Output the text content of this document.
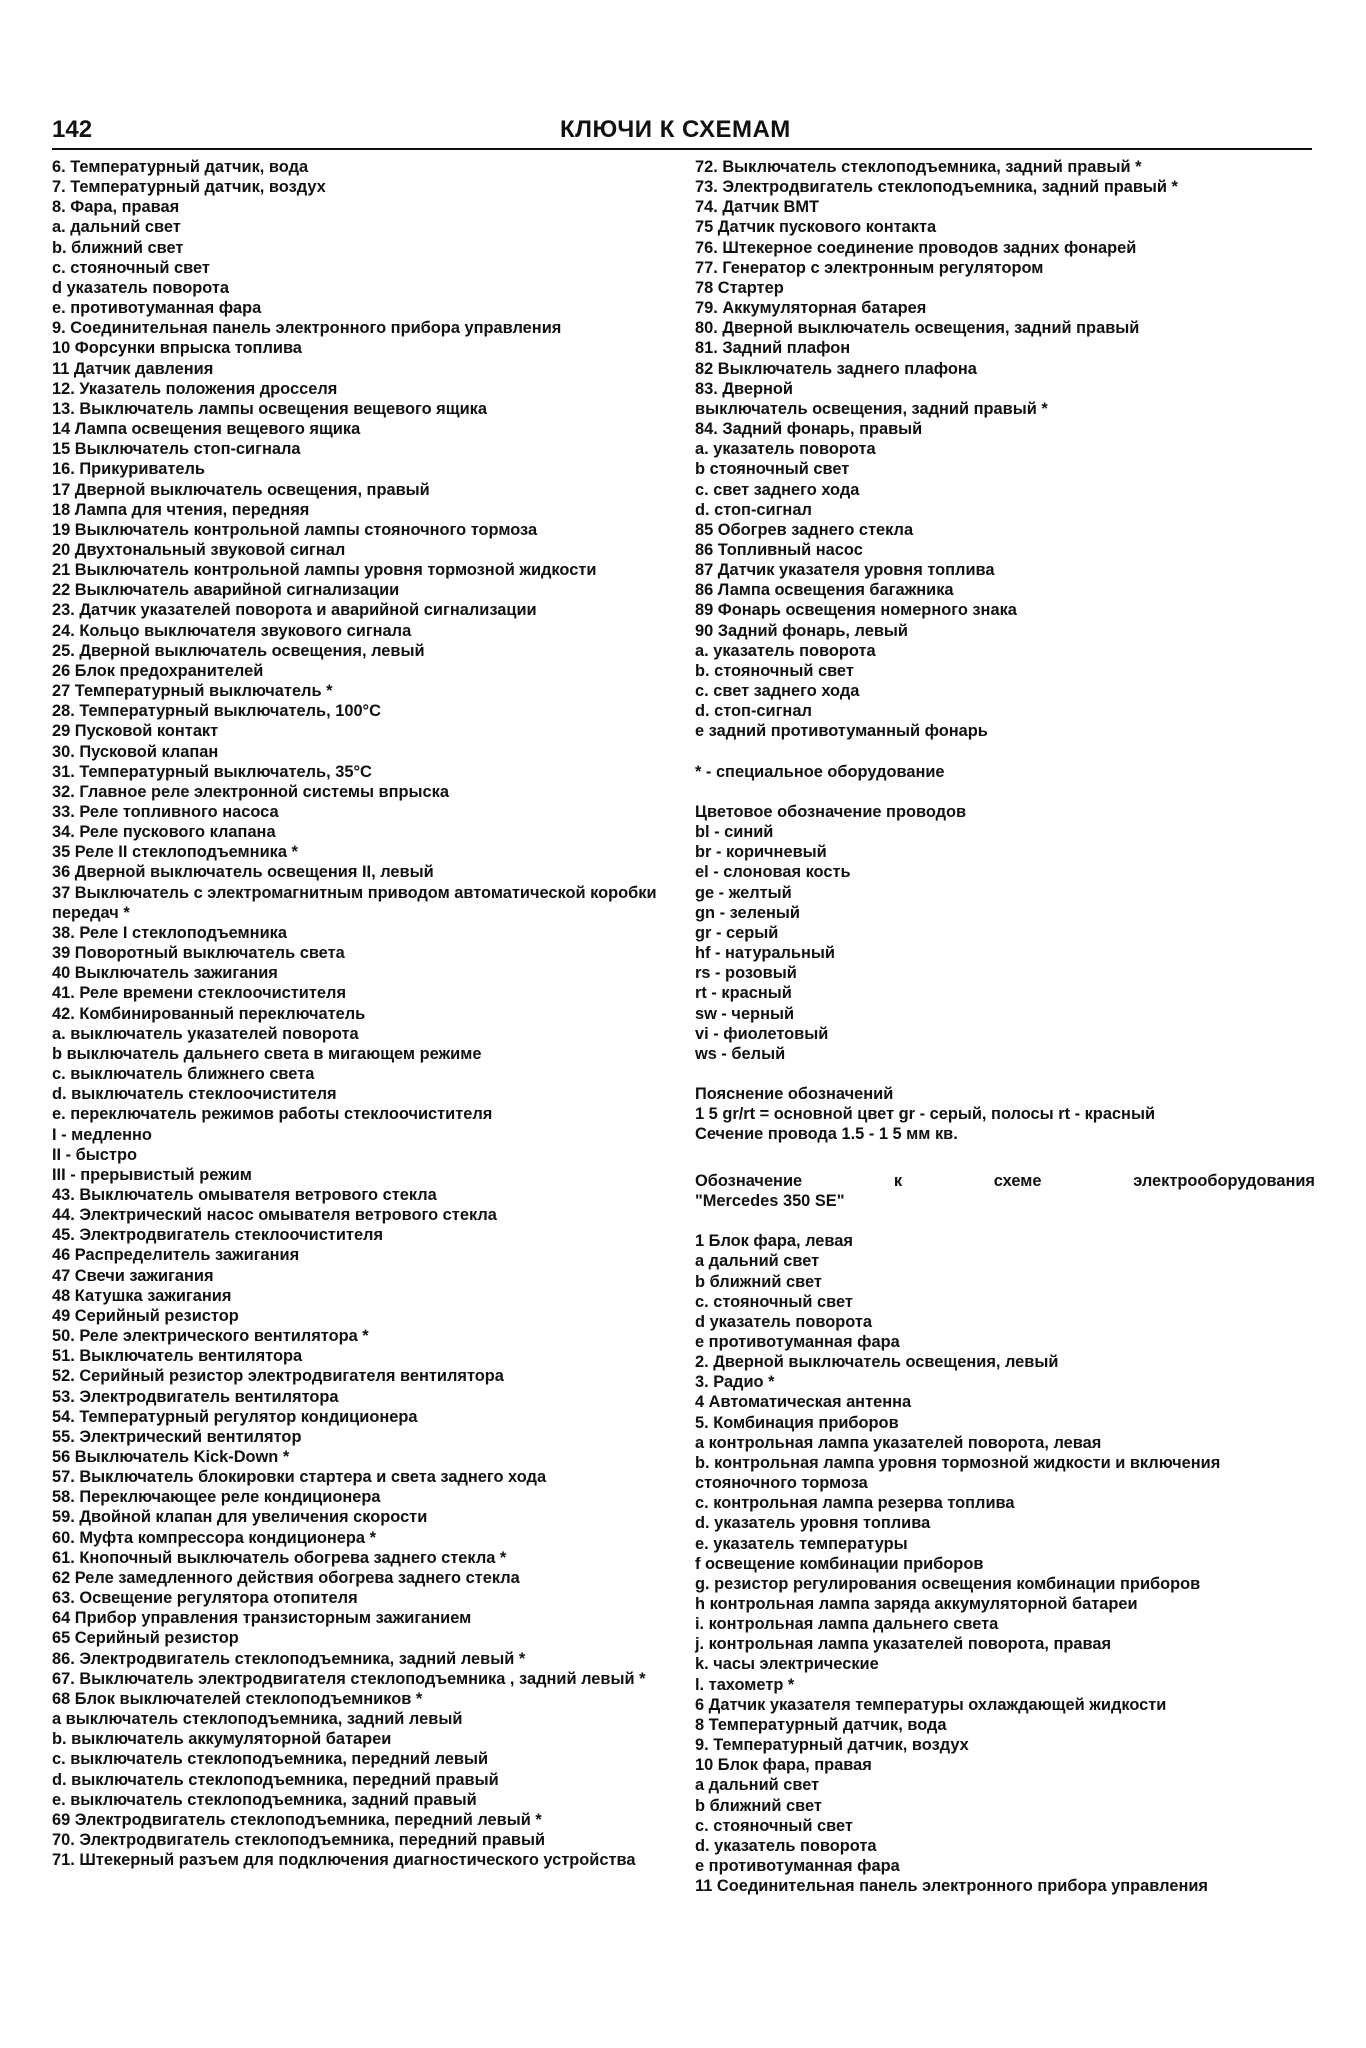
142	КЛЮЧИ К СХЕМАМ
6. Температурный датчик, вода
7. Температурный датчик, воздух
8. Фара, правая
a. дальний свет
b. ближний свет
c. стояночный свет
d указатель поворота
e. противотуманная фара
9. Соединительная панель электронного прибора управления
10 Форсунки впрыска топлива
11 Датчик давления
12. Указатель положения дросселя
13. Выключатель лампы освещения вещевого ящика
14 Лампа освещения вещевого ящика
15 Выключатель стоп-сигнала
16. Прикуриватель
17 Дверной выключатель освещения, правый
18 Лампа для чтения, передняя
19 Выключатель контрольной лампы стояночного тормоза
20 Двухтональный звуковой сигнал
21 Выключатель контрольной лампы уровня тормозной жидкости
22 Выключатель аварийной сигнализации
23. Датчик указателей поворота и аварийной сигнализации
24. Кольцо выключателя звукового сигнала
25. Дверной выключатель освещения, левый
26 Блок предохранителей
27 Температурный выключатель *
28. Температурный выключатель, 100°С
29 Пусковой контакт
30. Пусковой клапан
31. Температурный выключатель, 35°С
32. Главное реле электронной системы впрыска
33. Реле топливного насоса
34. Реле пускового клапана
35 Реле II стеклоподъемника *
36 Дверной выключатель освещения II, левый
37 Выключатель с электромагнитным приводом автоматической коробки передач *
38. Реле I стеклоподъемника
39 Поворотный выключатель света
40 Выключатель зажигания
41. Реле времени стеклоочистителя
42. Комбинированный переключатель
a. выключатель указателей поворота
b выключатель дальнего света в мигающем режиме
c. выключатель ближнего света
d. выключатель стеклоочистителя
e. переключатель режимов работы стеклоочистителя
I - медленно
II - быстро
III - прерывистый режим
43. Выключатель омывателя ветрового стекла
44. Электрический насос омывателя ветрового стекла
45. Электродвигатель стеклоочистителя
46 Распределитель зажигания
47 Свечи зажигания
48 Катушка зажигания
49 Серийный резистор
50. Реле электрического вентилятора *
51. Выключатель вентилятора
52. Серийный резистор электродвигателя вентилятора
53. Электродвигатель вентилятора
54. Температурный регулятор кондиционера
55. Электрический вентилятор
56 Выключатель Kick-Down *
57. Выключатель блокировки стартера и света заднего хода
58. Переключающее реле кондиционера
59. Двойной клапан для увеличения скорости
60. Муфта компрессора кондиционера *
61. Кнопочный выключатель обогрева заднего стекла *
62 Реле замедленного действия обогрева заднего стекла
63. Освещение регулятора отопителя
64 Прибор управления транзисторным зажиганием
65 Серийный резистор
86. Электродвигатель стеклоподъемника, задний левый *
67. Выключатель электродвигателя стеклоподъемника , задний левый *
68 Блок выключателей стеклоподъемников *
a выключатель стеклоподъемника, задний левый
b. выключатель аккумуляторной батареи
c. выключатель стеклоподъемника, передний левый
d. выключатель стеклоподъемника, передний правый
e. выключатель стеклоподъемника, задний правый
69 Электродвигатель стеклоподъемника, передний левый *
70. Электродвигатель стеклоподъемника, передний правый
71. Штекерный разъем для подключения диагностического устройства
72. Выключатель стеклоподъемника, задний правый *
73. Электродвигатель стеклоподъемника, задний правый *
74. Датчик ВМТ
75 Датчик пускового контакта
76. Штекерное соединение проводов задних фонарей
77. Генератор с электронным регулятором
78 Стартер
79. Аккумуляторная батарея
80. Дверной выключатель освещения, задний правый
81. Задний плафон
82 Выключатель заднего плафона
83. Дверной
выключатель освещения, задний правый *
84. Задний фонарь, правый
a. указатель поворота
b стояночный свет
c. свет заднего хода
d. стоп-сигнал
85 Обогрев заднего стекла
86 Топливный насос
87 Датчик указателя уровня топлива
86 Лампа освещения багажника
89 Фонарь освещения номерного знака
90 Задний фонарь, левый
a. указатель поворота
b. стояночный свет
c. свет заднего хода
d. стоп-сигнал
e задний противотуманный фонарь
* - специальное оборудование
Цветовое обозначение проводов
bl - синий
br - коричневый
el - слоновая кость
ge - желтый
gn - зеленый
gr - серый
hf - натуральный
rs - розовый
rt - красный
sw - черный
vi - фиолетовый
ws - белый
Пояснение обозначений
1 5 gr/rt = основной цвет gr - серый, полосы rt - красный
Сечение провода 1.5 - 1 5 мм кв.
Обозначение к схеме электрооборудования
"Mercedes 350 SE"
1 Блок фара, левая
a дальний свет
b ближний свет
c. стояночный свет
d указатель поворота
e противотуманная фара
2. Дверной выключатель освещения, левый
3. Радио *
4 Автоматическая антенна
5. Комбинация приборов
a контрольная лампа указателей поворота, левая
b. контрольная лампа уровня тормозной жидкости и включения стояночного тормоза
c. контрольная лампа резерва топлива
d. указатель уровня топлива
e. указатель температуры
f освещение комбинации приборов
g. резистор регулирования освещения комбинации приборов
h контрольная лампа заряда аккумуляторной батареи
i. контрольная лампа дальнего света
j. контрольная лампа указателей поворота, правая
k. часы электрические
l. тахометр *
6 Датчик указателя температуры охлаждающей жидкости
8 Температурный датчик, вода
9. Температурный датчик, воздух
10 Блок фара, правая
a дальний свет
b ближний свет
c. стояночный свет
d. указатель поворота
e противотуманная фара
11 Соединительная панель электронного прибора управления
